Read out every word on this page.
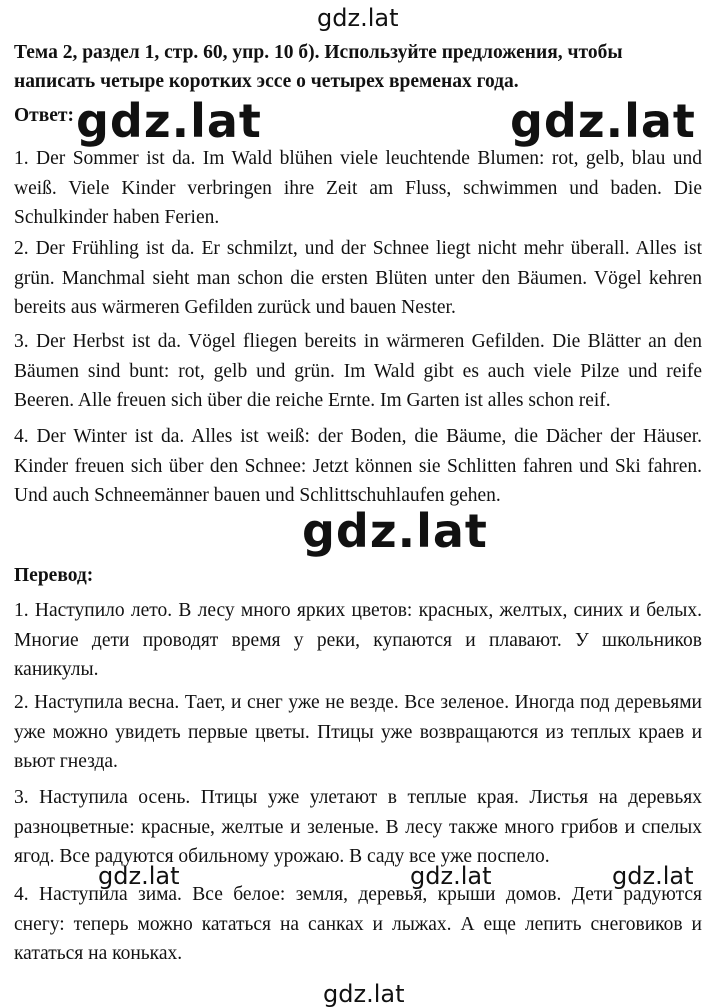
gdz.lat
Тема 2, раздел 1, стр. 60, упр. 10 б). Используйте предложения, чтобы написать четыре коротких эссе о четырех временах года.
Ответ: gdz.lat	gdz.lat
1. Der Sommer ist da. Im Wald blühen viele leuchtende Blumen: rot, gelb, blau und weiß. Viele Kinder verbringen ihre Zeit am Fluss, schwimmen und baden. Die Schulkinder haben Ferien.
2. Der Frühling ist da. Er schmilzt, und der Schnee liegt nicht mehr überall. Alles ist grün. Manchmal sieht man schon die ersten Blüten unter den Bäumen. Vögel kehren bereits aus wärmeren Gefilden zurück und bauen Nester.
3. Der Herbst ist da. Vögel fliegen bereits in wärmeren Gefilden. Die Blätter an den Bäumen sind bunt: rot, gelb und grün. Im Wald gibt es auch viele Pilze und reife Beeren. Alle freuen sich über die reiche Ernte. Im Garten ist alles schon reif.
4. Der Winter ist da. Alles ist weiß: der Boden, die Bäume, die Dächer der Häuser. Kinder freuen sich über den Schnee: Jetzt können sie Schlitten fahren und Ski fahren. Und auch Schneemänner bauen und Schlittschuhlaufen gehen.
gdz.lat
Перевод:
1. Наступило лето. В лесу много ярких цветов: красных, желтых, синих и белых. Многие дети проводят время у реки, купаются и плавают. У школьников каникулы.
2. Наступила весна. Тает, и снег уже не везде. Все зеленое. Иногда под деревьями уже можно увидеть первые цветы. Птицы уже возвращаются из теплых краев и вьют гнезда.
3. Наступила осень. Птицы уже улетают в теплые края. Листья на деревьях разноцветные: красные, желтые и зеленые. В лесу также много грибов и спелых ягод. Все радуются обильному урожаю. В саду все уже поспело.
gdz.lat	gdz.lat	gdz.lat
4. Наступила зима. Все белое: земля, деревья, крыши домов. Дети радуются снегу: теперь можно кататься на санках и лыжах. А еще лепить снеговиков и кататься на коньках.
gdz.lat
